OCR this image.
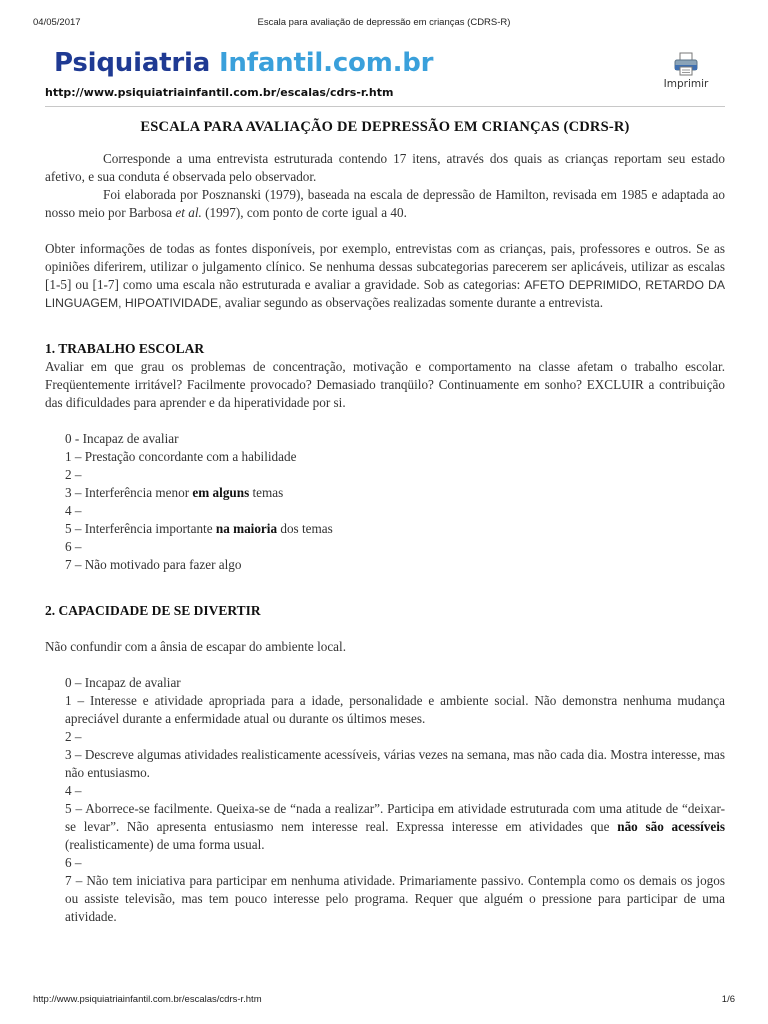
04/05/2017	Escala para avaliação de depressão em crianças (CDRS-R)
Psiquiatria Infantil.com.br
Imprimir
http://www.psiquiatriainfantil.com.br/escalas/cdrs-r.htm
ESCALA PARA AVALIAÇÃO DE DEPRESSÃO EM CRIANÇAS (CDRS-R)

Corresponde a uma entrevista estruturada contendo 17 itens, através dos quais as crianças reportam seu estado afetivo, e sua conduta é observada pelo observador.

Foi elaborada por Posznanski (1979), baseada na escala de depressão de Hamilton, revisada em 1985 e adaptada ao nosso meio por Barbosa et al. (1997), com ponto de corte igual a 40.

Obter informações de todas as fontes disponíveis, por exemplo, entrevistas com as crianças, pais, professores e outros. Se as opiniões diferirem, utilizar o julgamento clínico. Se nenhuma dessas subcategorias parecerem ser aplicáveis, utilizar as escalas [1-5] ou [1-7] como uma escala não estruturada e avaliar a gravidade. Sob as categorias: AFETO DEPRIMIDO, RETARDO DA LINGUAGEM, HIPOATIVIDADE, avaliar segundo as observações realizadas somente durante a entrevista.

1. TRABALHO ESCOLAR

Avaliar em que grau os problemas de concentração, motivação e comportamento na classe afetam o trabalho escolar. Freqüentemente irritável? Facilmente provocado? Demasiado tranqüilo? Continuamente em sonho? EXCLUIR a contribuição das dificuldades para aprender e da hiperatividade por si.

0 - Incapaz de avaliar
1 – Prestação concordante com a habilidade
2 –
3 – Interferência menor em alguns temas
4 –
5 – Interferência importante na maioria dos temas
6 –
7 – Não motivado para fazer algo
2. CAPACIDADE DE SE DIVERTIR

Não confundir com a ânsia de escapar do ambiente local.

0 – Incapaz de avaliar
1 – Interesse e atividade apropriada para a idade, personalidade e ambiente social. Não demonstra nenhuma mudança apreciável durante a enfermidade atual ou durante os últimos meses.
2 –
3 – Descreve algumas atividades realisticamente acessíveis, várias vezes na semana, mas não cada dia. Mostra interesse, mas não entusiasmo.
4 –
5 – Aborrece-se facilmente. Queixa-se de “nada a realizar”. Participa em atividade estruturada com uma atitude de “deixar-se levar”. Não apresenta entusiasmo nem interesse real. Expressa interesse em atividades que não são acessíveis (realisticamente) de uma forma usual.
6 –
7 – Não tem iniciativa para participar em nenhuma atividade. Primariamente passivo. Contempla como os demais os jogos ou assiste televisão, mas tem pouco interesse pelo programa. Requer que alguém o pressione para participar de uma atividade.
http://www.psiquiatriainfantil.com.br/escalas/cdrs-r.htm	1/6
